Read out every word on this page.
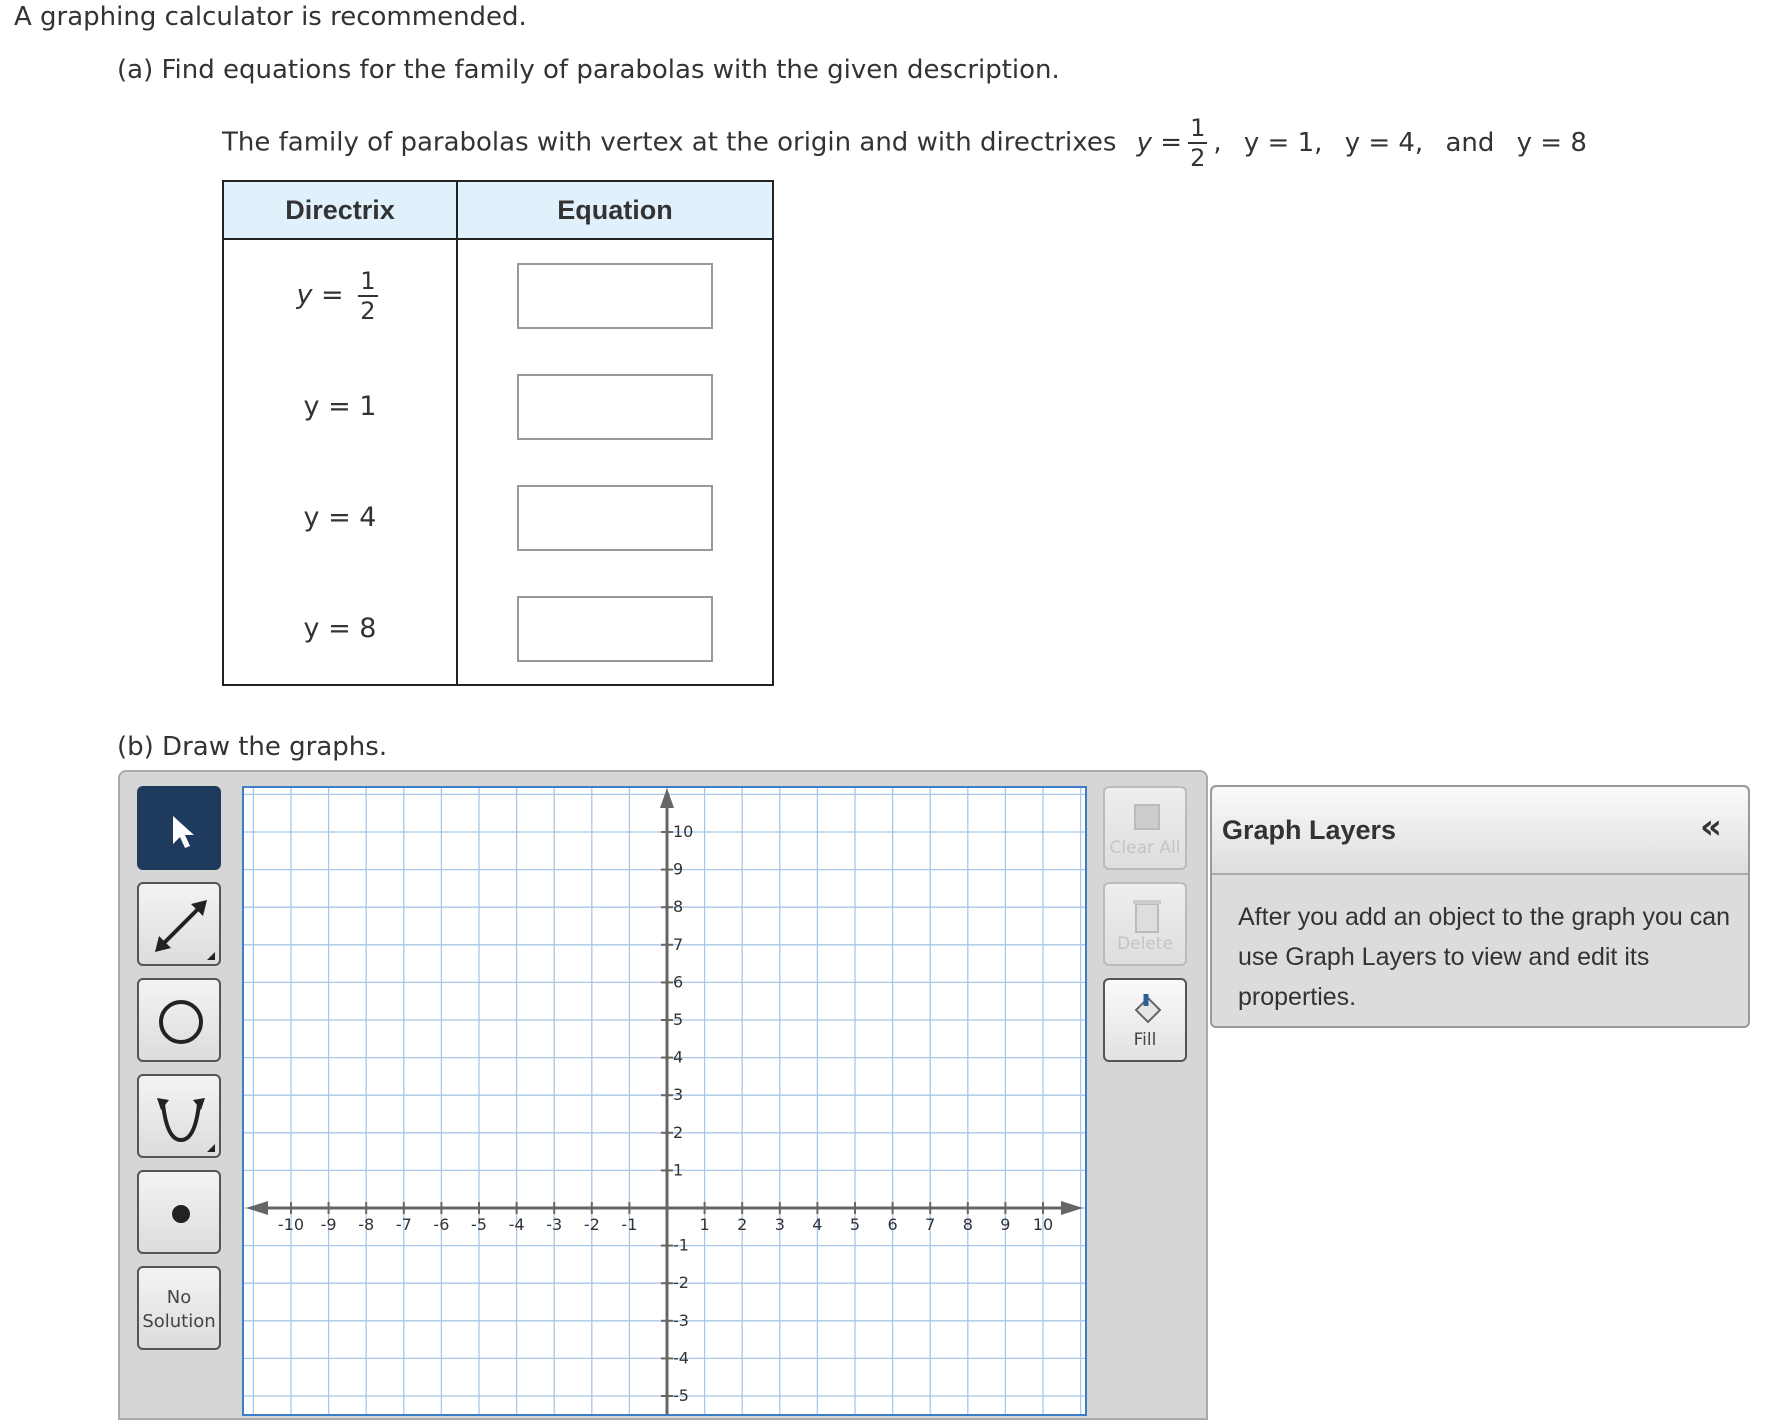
A graphing calculator is recommended.
(a) Find equations for the family of parabolas with the given description.
The family of parabolas with vertex at the origin and with directrixes $y = \frac{1}{2}$ , y = 1, y = 4, and y = 8
Directrix	Equation
$y = \frac{1}{2}$

y = 1	
y = 4	
y = 8	
(b) Draw the graphs.
No
Solution
-10 -9 -8 -7 -6 -5 -4 -3 -2 -1	1 2 3 4 5 6 7 8 9 10
10
9
8
7
6
5
4
3
2
1
-1
-2
-3
-4
-5
Clear All
Delete
Fill
Graph Layers	«
After you add an object to the graph you can use Graph Layers to view and edit its properties.
